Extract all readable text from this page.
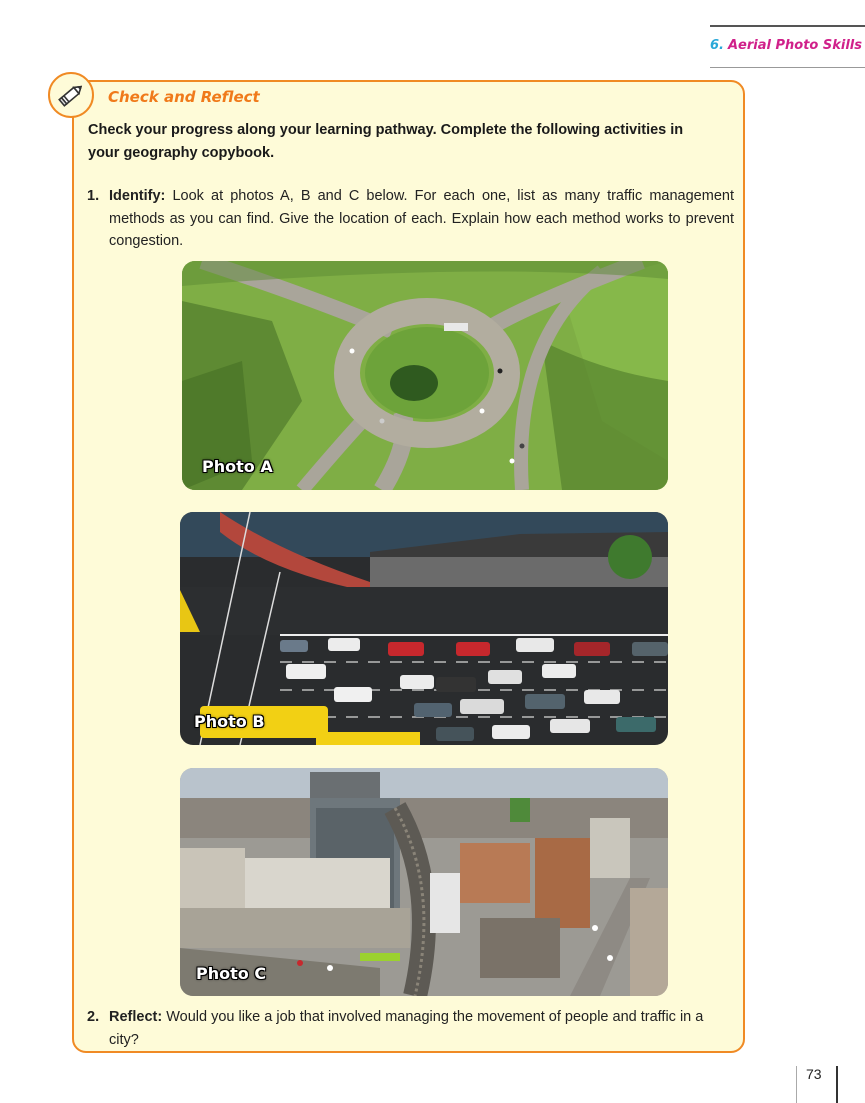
6. Aerial Photo Skills
Check and Reflect
Check your progress along your learning pathway. Complete the following activities in your geography copybook.
1. Identify: Look at photos A, B and C below. For each one, list as many traffic management methods as you can find. Give the location of each. Explain how each method works to prevent congestion.
Photo A
Photo B
Photo C
2. Reflect: Would you like a job that involved managing the movement of people and traffic in a city?
73
